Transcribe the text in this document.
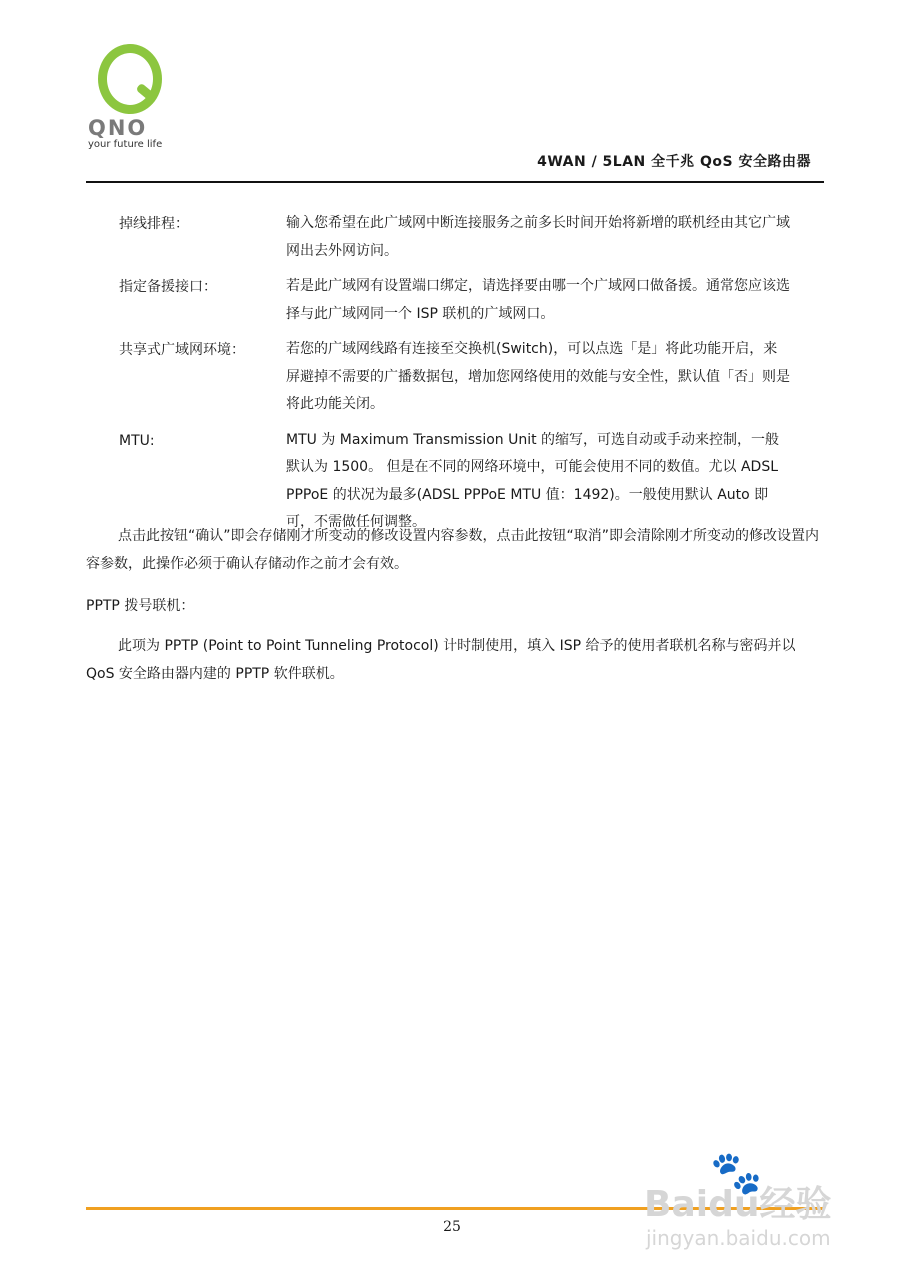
QNO
your future life
4WAN / 5LAN 全千兆 QoS 安全路由器
掉线排程：	输入您希望在此广域网中断连接服务之前多长时间开始将新增的联机经由其它广域网出去外网访问。
指定备援接口：	若是此广域网有设置端口绑定，请选择要由哪一个广域网口做备援。通常您应该选择与此广域网同一个 ISP 联机的广域网口。
共享式广域网环境：	若您的广域网线路有连接至交换机(Switch)，可以点选「是」将此功能开启，来屏避掉不需要的广播数据包，增加您网络使用的效能与安全性，默认值「否」则是将此功能关闭。
MTU:	MTU 为 Maximum Transmission Unit 的缩写，可选自动或手动来控制，一般默认为 1500。 但是在不同的网络环境中，可能会使用不同的数值。尤以 ADSL PPPoE 的状况为最多(ADSL PPPoE MTU 值：1492)。一般使用默认 Auto 即可，不需做任何调整。
点击此按钮“确认”即会存储刚才所变动的修改设置内容参数，点击此按钮“取消”即会清除刚才所变动的修改设置内容参数，此操作必须于确认存储动作之前才会有效。
PPTP 拨号联机：
此项为 PPTP (Point to Point Tunneling Protocol) 计时制使用，填入 ISP 给予的使用者联机名称与密码并以 QoS 安全路由器内建的 PPTP 软件联机。
25
🐾
Baidu经验
jingyan.baidu.com
